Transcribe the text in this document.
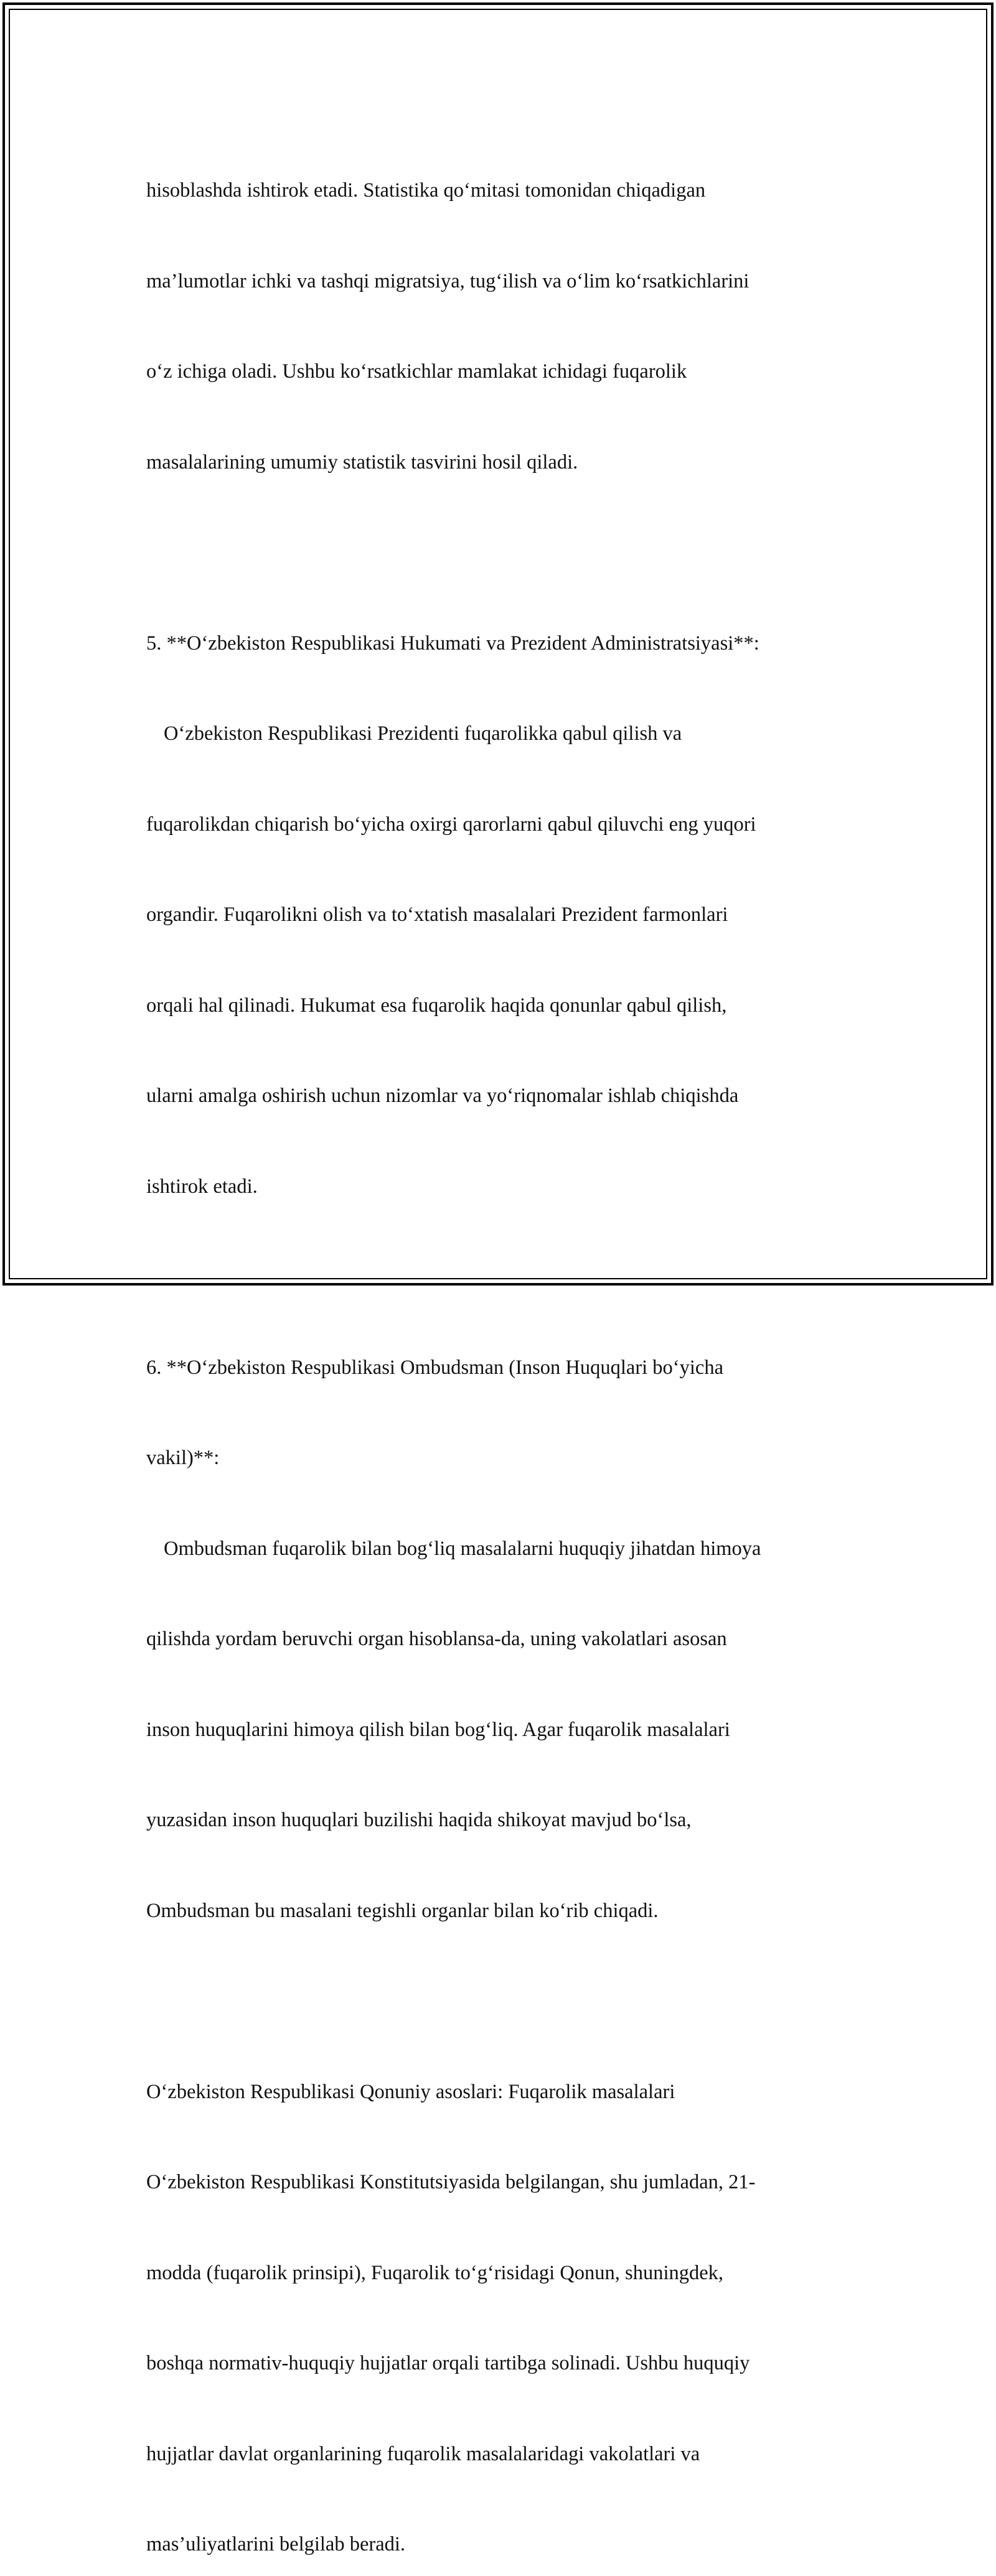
hisoblashda ishtirok etadi. Statistika qo‘mitasi tomonidan chiqadigan

ma’lumotlar ichki va tashqi migratsiya, tug‘ilish va o‘lim ko‘rsatkichlarini

o‘z ichiga oladi. Ushbu ko‘rsatkichlar mamlakat ichidagi fuqarolik

masalalarining umumiy statistik tasvirini hosil qiladi.

5. **O‘zbekiston Respublikasi Hukumati va Prezident Administratsiyasi**:

O‘zbekiston Respublikasi Prezidenti fuqarolikka qabul qilish va

fuqarolikdan chiqarish bo‘yicha oxirgi qarorlarni qabul qiluvchi eng yuqori

organdir. Fuqarolikni olish va to‘xtatish masalalari Prezident farmonlari

orqali hal qilinadi. Hukumat esa fuqarolik haqida qonunlar qabul qilish,

ularni amalga oshirish uchun nizomlar va yo‘riqnomalar ishlab chiqishda

ishtirok etadi.

6. **O‘zbekiston Respublikasi Ombudsman (Inson Huquqlari bo‘yicha

vakil)**:

Ombudsman fuqarolik bilan bog‘liq masalalarni huquqiy jihatdan himoya

qilishda yordam beruvchi organ hisoblansa-da, uning vakolatlari asosan

inson huquqlarini himoya qilish bilan bog‘liq. Agar fuqarolik masalalari

yuzasidan inson huquqlari buzilishi haqida shikoyat mavjud bo‘lsa,

Ombudsman bu masalani tegishli organlar bilan ko‘rib chiqadi.

O‘zbekiston Respublikasi Qonuniy asoslari: Fuqarolik masalalari

O‘zbekiston Respublikasi Konstitutsiyasida belgilangan, shu jumladan, 21-

modda (fuqarolik prinsipi), Fuqarolik to‘g‘risidagi Qonun, shuningdek,

boshqa normativ-huquqiy hujjatlar orqali tartibga solinadi. Ushbu huquqiy

hujjatlar davlat organlarining fuqarolik masalalaridagi vakolatlari va

mas’uliyatlarini belgilab beradi.
